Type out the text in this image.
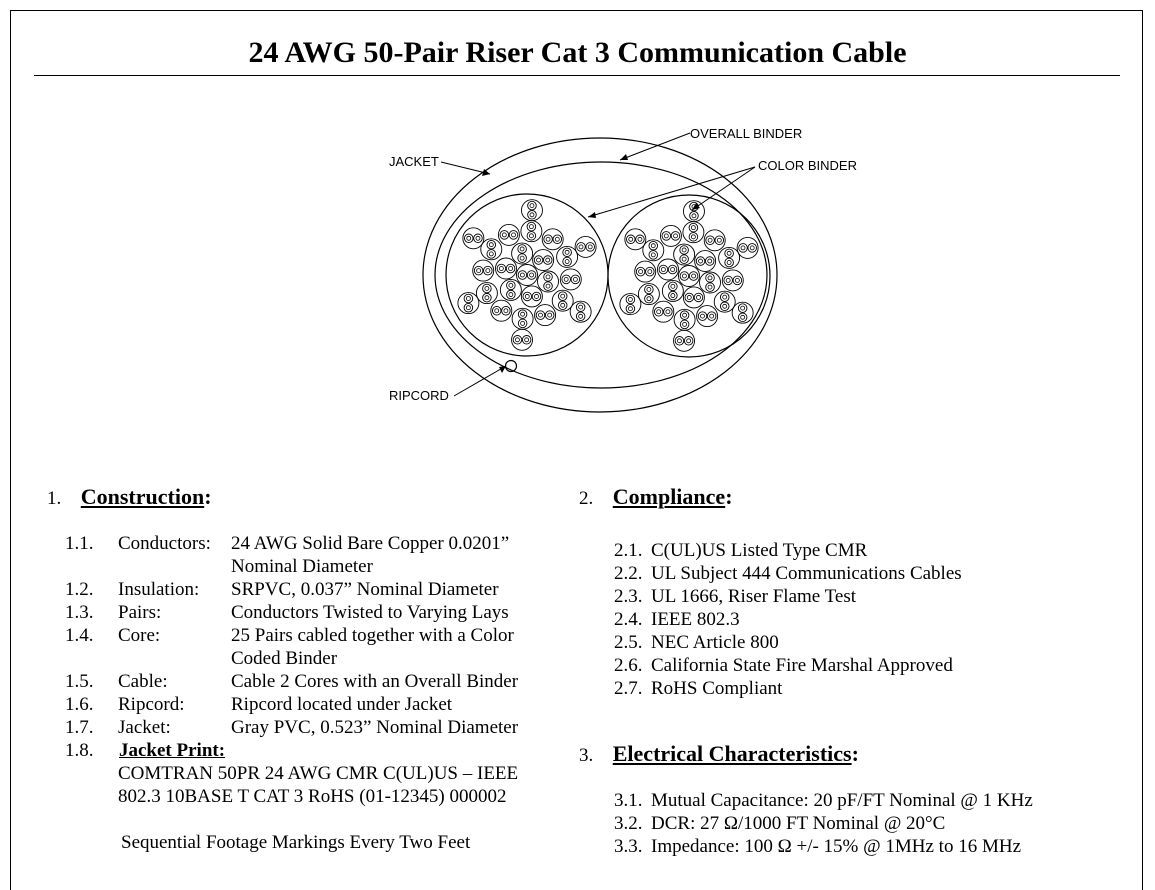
24 AWG 50-Pair Riser Cat 3 Communication Cable
JACKET
OVERALL BINDER
COLOR BINDER
RIPCORD
1. Construction:
1.1. Conductors: 24 AWG Solid Bare Copper 0.0201”
Nominal Diameter
1.2. Insulation: SRPVC, 0.037” Nominal Diameter
1.3. Pairs:	Conductors Twisted to Varying Lays
1.4. Core:	25 Pairs cabled together with a Color
Coded Binder
1.5. Cable:	Cable 2 Cores with an Overall Binder
1.6. Ripcord: Ripcord located under Jacket
1.7. Jacket:	Gray PVC, 0.523” Nominal Diameter
1.8. Jacket Print:
COMTRAN 50PR 24 AWG CMR C(UL)US – IEEE
802.3 10BASE T CAT 3 RoHS (01-12345) 000002
Sequential Footage Markings Every Two Feet
2. Compliance:
2.1. C(UL)US Listed Type CMR
2.2. UL Subject 444 Communications Cables
2.3. UL 1666, Riser Flame Test
2.4. IEEE 802.3
2.5. NEC Article 800
2.6. California State Fire Marshal Approved
2.7. RoHS Compliant
3. Electrical Characteristics:
3.1. Mutual Capacitance: 20 pF/FT Nominal @ 1 KHz
3.2. DCR: 27 Ω/1000 FT Nominal @ 20°C
3.3. Impedance: 100 Ω +/- 15% @ 1MHz to 16 MHz
